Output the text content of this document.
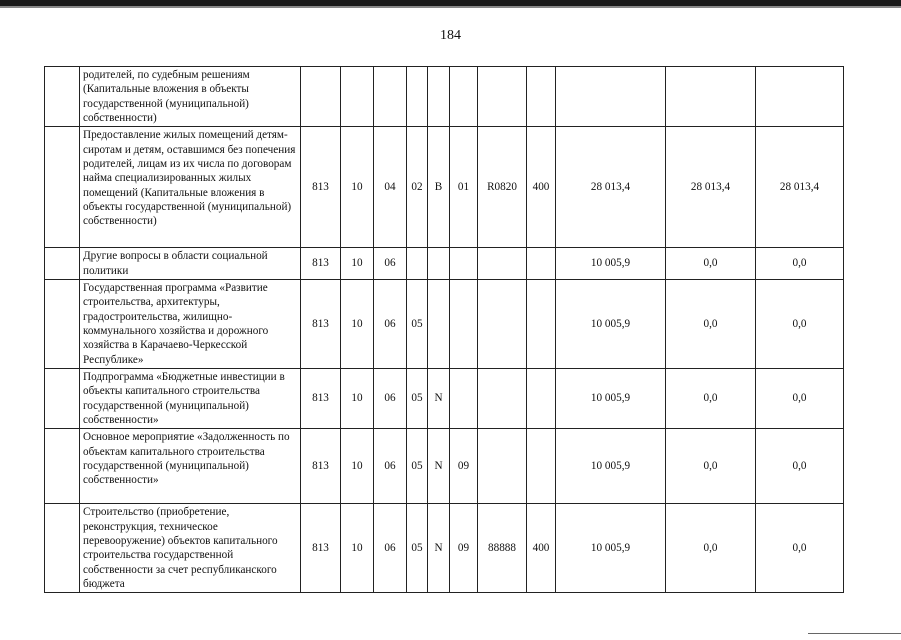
184
	родителей, по судебным решениям (Капитальные вложения в объекты государственной (муниципальной) собственности)											
	Предоставление жилых помещений детям-сиротам и детям, оставшимся без попечения родителей, лицам из их числа по договорам найма специализированных жилых помещений (Капитальные вложения в объекты государственной (муниципальной) собственности)	813	10	04	02	В	01	R0820	400	28 013,4	28 013,4	28 013,4
	Другие вопросы в области социальной политики	813	10	06						10 005,9	0,0	0,0
	Государственная программа «Развитие строительства, архитектуры, градостроительства, жилищно-коммунального хозяйства и дорожного хозяйства в Карачаево-Черкесской Республике»	813	10	06	05					10 005,9	0,0	0,0
	Подпрограмма «Бюджетные инвестиции в объекты капитального строительства государственной (муниципальной) собственности»	813	10	06	05	N				10 005,9	0,0	0,0
	Основное мероприятие «Задолженность по объектам капитального строительства государственной (муниципальной) собственности»	813	10	06	05	N	09			10 005,9	0,0	0,0
	Строительство (приобретение, реконструкция, техническое перевооружение) объектов капитального строительства государственной собственности за счет республиканского бюджета	813	10	06	05	N	09	88888	400	10 005,9	0,0	0,0
